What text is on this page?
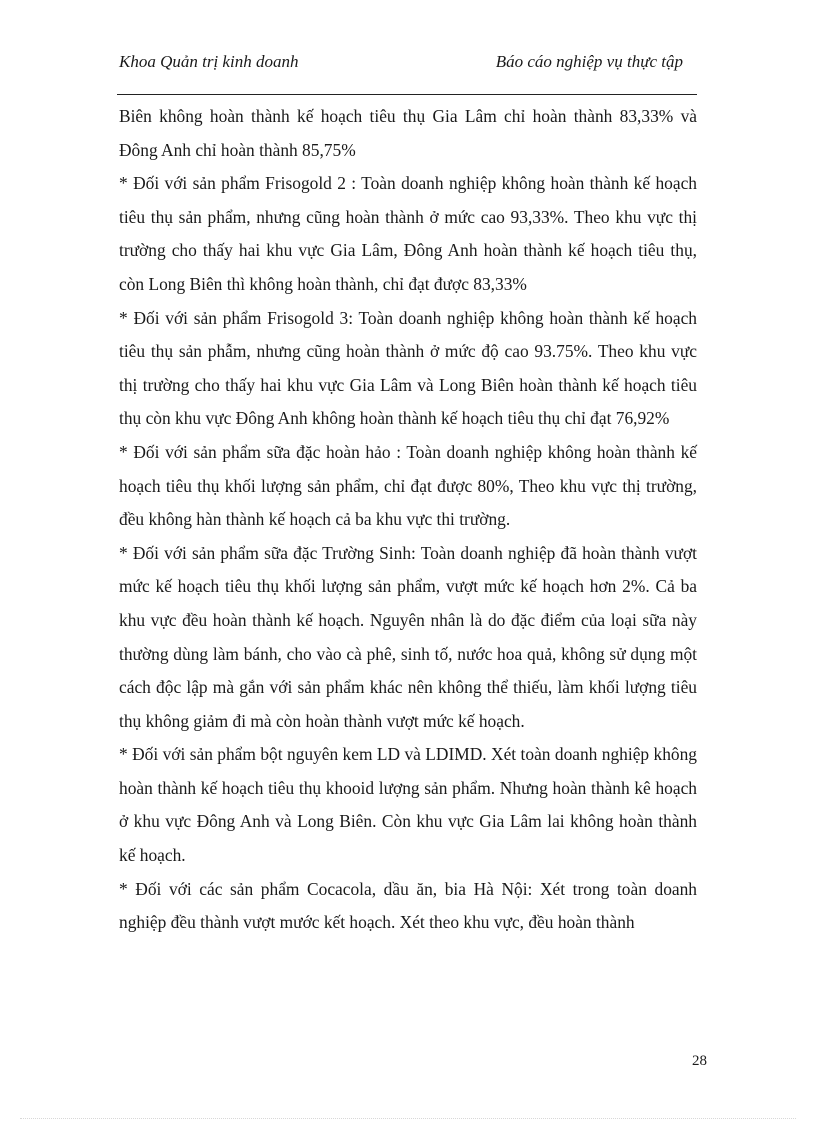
Khoa Quản trị kinh doanh	Báo cáo nghiệp vụ thực tập

Biên không hoàn thành kế hoạch tiêu thụ Gia Lâm chỉ hoàn thành 83,33% và Đông Anh chỉ hoàn thành 85,75%

* Đối với sản phẩm Frisogold 2 : Toàn doanh nghiệp không hoàn thành kế hoạch tiêu thụ sản phẩm, nhưng cũng hoàn thành ở mức cao 93,33%. Theo khu vực thị trường cho thấy hai khu vực Gia Lâm, Đông Anh hoàn thành kế hoạch tiêu thụ, còn Long Biên thì không hoàn thành, chỉ đạt được 83,33%

* Đối với sản phẩm Frisogold 3: Toàn doanh nghiệp không hoàn thành kế hoạch tiêu thụ sản phẫm, nhưng cũng hoàn thành ở mức độ cao 93.75%. Theo khu vực thị trường cho thấy hai khu vực Gia Lâm và Long Biên hoàn thành kế hoạch tiêu thụ còn khu vực Đông Anh không hoàn thành kế hoạch tiêu thụ chỉ đạt 76,92%

* Đối với sản phẩm sữa đặc hoàn hảo : Toàn doanh nghiệp không hoàn thành kế hoạch tiêu thụ khối lượng sản phẩm, chỉ đạt được 80%, Theo khu vực thị trường, đều không hàn thành kế hoạch cả ba khu vực thi trường.

* Đối với sản phẩm sữa đặc Trường Sinh: Toàn doanh nghiệp đã hoàn thành vượt mức kế hoạch tiêu thụ khối lượng sản phẩm, vượt mức kế hoạch hơn 2%. Cả ba khu vực đều hoàn thành kế hoạch. Nguyên nhân là do đặc điểm của loại sữa này thường dùng làm bánh, cho vào cà phê, sinh tố, nước hoa quả, không sử dụng một cách độc lập mà gắn với sản phẩm khác nên không thể thiếu, làm khối lượng tiêu thụ không giảm đi mà còn hoàn thành vượt mức kế hoạch.

* Đối với sản phẩm bột nguyên kem LD và LDIMD. Xét toàn doanh nghiệp không hoàn thành kế hoạch tiêu thụ khooid lượng sản phẩm. Nhưng hoàn thành kê hoạch ở khu vực Đông Anh và Long Biên. Còn khu vực Gia Lâm lai không hoàn thành kế hoạch.

* Đối với các sản phẩm Cocacola, dầu ăn, bia Hà Nội: Xét trong toàn doanh nghiệp đều thành vượt mước kết hoạch. Xét theo khu vực, đều hoàn thành

28
